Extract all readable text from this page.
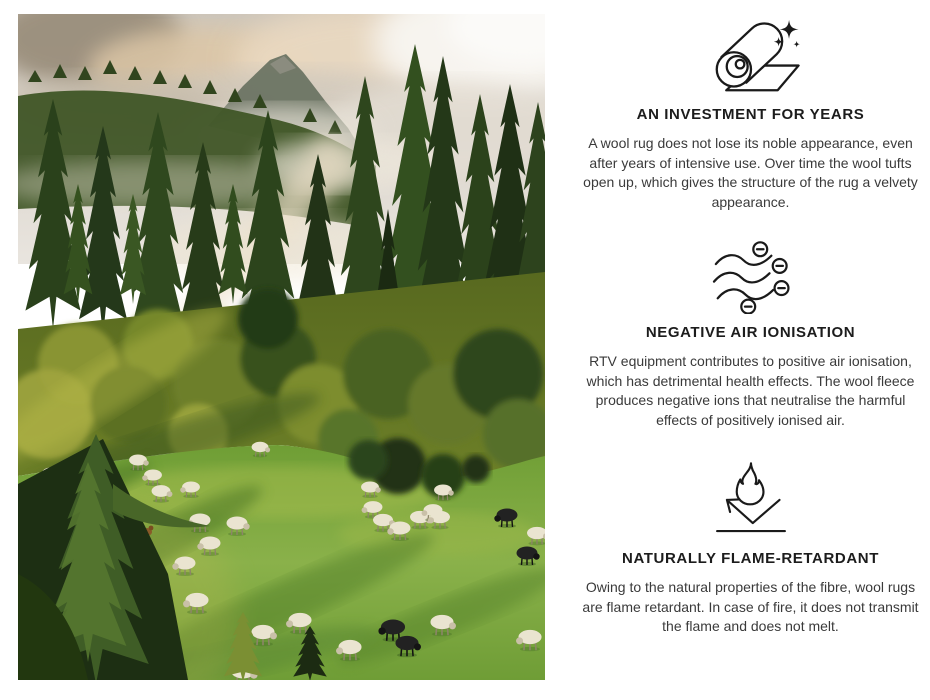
AN INVESTMENT FOR YEARS

A wool rug does not lose its noble appearance, even after years of intensive use. Over time the wool tufts open up, which gives the structure of the rug a velvety appearance.

NEGATIVE AIR IONISATION

RTV equipment contributes to positive air ionisation, which has detrimental health effects. The wool fleece produces negative ions that neutralise the harmful effects of positively ionised air.

NATURALLY FLAME-RETARDANT

Owing to the natural properties of the fibre, wool rugs are flame retardant. In case of fire, it does not transmit the flame and does not melt.
